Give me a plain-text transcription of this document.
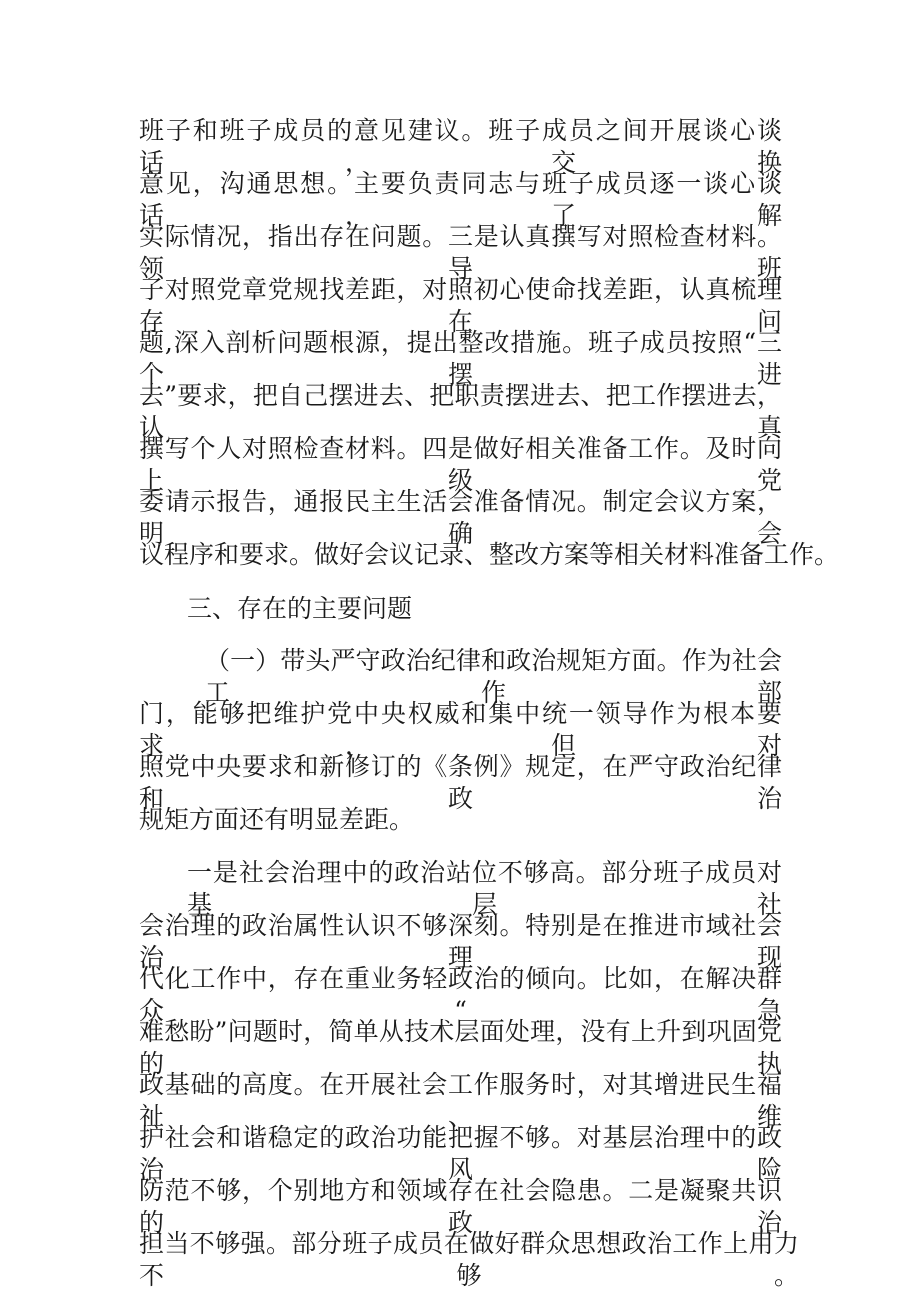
班子和班子成员的意见建议。班子成员之间开展谈心谈话，交换
意见，沟通思想。主要负责同志与班子成员逐一谈心谈话，了解
实际情况，指出存在问题。三是认真撰写对照检查材料。领导班
子对照党章党规找差距，对照初心使命找差距，认真梳理存在问
题,深入剖析问题根源，提出整改措施。班子成员按照“三个摆进
去”要求，把自己摆进去、把职责摆进去、把工作摆进去，认真
撰写个人对照检查材料。四是做好相关准备工作。及时向上级党
委请示报告，通报民主生活会准备情况。制定会议方案，明确会
议程序和要求。做好会议记录、整改方案等相关材料准备工作。
三、存在的主要问题
（一）带头严守政治纪律和政治规矩方面。作为社会工作部
门，能够把维护党中央权威和集中统一领导作为根本要求，但对
照党中央要求和新修订的《条例》规定，在严守政治纪律和政治
规矩方面还有明显差距。
一是社会治理中的政治站位不够高。部分班子成员对基层社
会治理的政治属性认识不够深刻。特别是在推进市域社会治理现
代化工作中，存在重业务轻政治的倾向。比如，在解决群众“急
难愁盼”问题时，简单从技术层面处理，没有上升到巩固党的执
政基础的高度。在开展社会工作服务时，对其增进民生福祉、维
护社会和谐稳定的政治功能把握不够。对基层治理中的政治风险
防范不够，个别地方和领域存在社会隐患。二是凝聚共识的政治
担当不够强。部分班子成员在做好群众思想政治工作上用力不够。
